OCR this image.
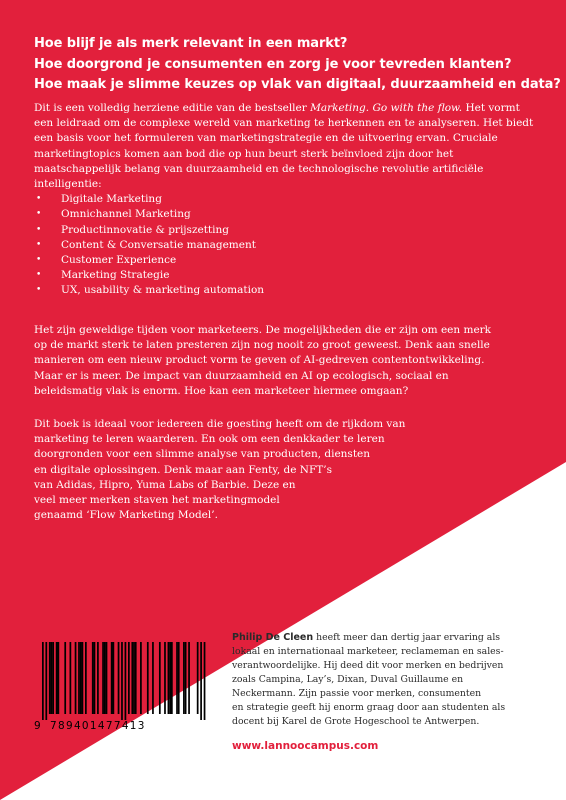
Hoe blijf je als merk relevant in een markt?
Hoe doorgrond je consumenten en zorg je voor tevreden klanten?
Hoe maak je slimme keuzes op vlak van digitaal, duurzaamheid en data?

Dit is een volledig herziene editie van de bestseller Marketing. Go with the flow. Het vormt een leidraad om de complexe wereld van marketing te herkennen en te analyseren. Het biedt een basis voor het formuleren van marketingstrategie en de uitvoering ervan. Cruciale marketingtopics komen aan bod die op hun beurt sterk beïnvloed zijn door het maatschappelijk belang van duurzaamheid en de technologische revolutie artificiële intelligentie:

• Digitale Marketing
• Omnichannel Marketing
• Productinnovatie & prijszetting
• Content & Conversatie management
• Customer Experience
• Marketing Strategie
• UX, usability & marketing automation
Het zijn geweldige tijden voor marketeers. De mogelijkheden die er zijn om een merk
op de markt sterk te laten presteren zijn nog nooit zo groot geweest. Denk aan snelle
manieren om een nieuw product vorm te geven of AI-gedreven contentontwikkeling.
Maar er is meer. De impact van duurzaamheid en AI op ecologisch, sociaal en
beleidsmatig vlak is enorm. Hoe kan een marketeer hiermee omgaan?
Dit boek is ideaal voor iedereen die goesting heeft om de rijkdom van
marketing te leren waarderen. En ook om een denkkader te leren
doorgronden voor een slimme analyse van producten, diensten
en digitale oplossingen. Denk maar aan Fenty, de NFT’s
van Adidas, Hipro, Yuma Labs of Barbie. Deze en
veel meer merken staven het marketingmodel
genaamd ‘Flow Marketing Model’.
9 789401477413
Philip De Cleen heeft meer dan dertig jaar ervaring als
lokaal en internationaal marketeer, reclameman en sales-
verantwoordelijke. Hij deed dit voor merken en bedrijven
zoals Campina, Lay’s, Dixan, Duval Guillaume en
Neckermann. Zijn passie voor merken, consumenten
en strategie geeft hij enorm graag door aan studenten als
docent bij Karel de Grote Hogeschool te Antwerpen.
www.lannoocampus.com
